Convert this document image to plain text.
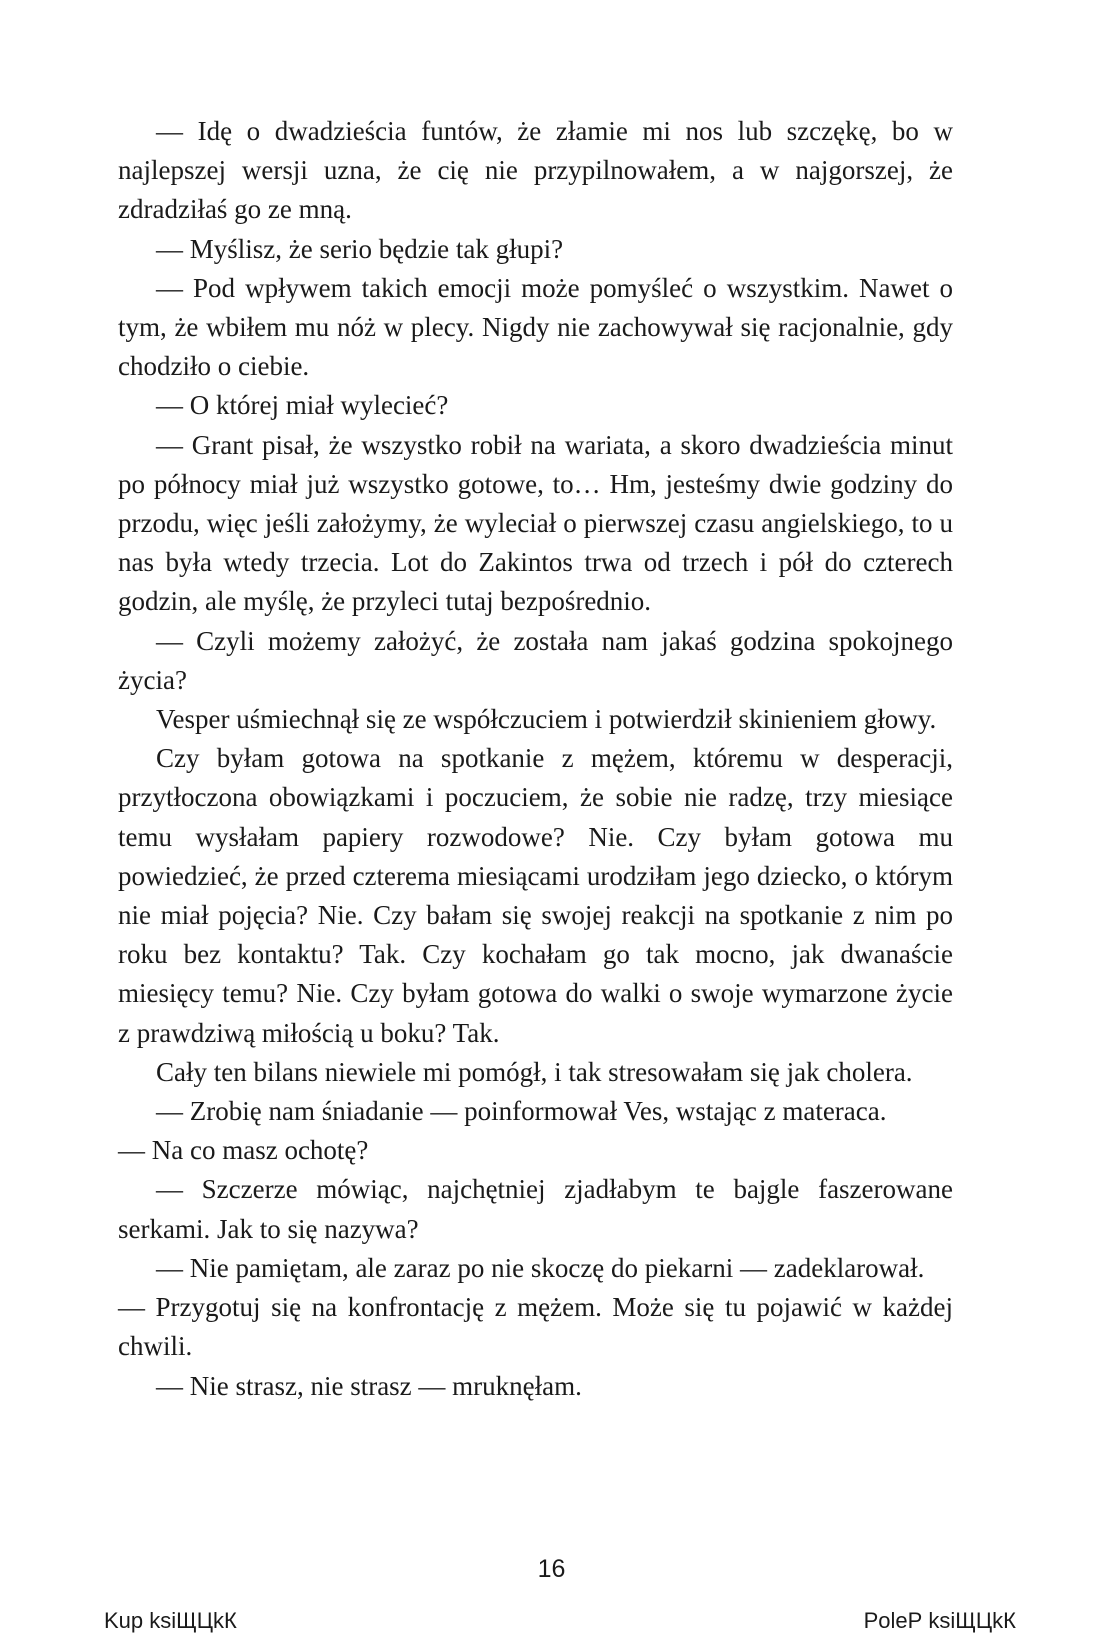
— Idę o dwadzieścia funtów, że złamie mi nos lub szczękę, bo w najlepszej wersji uzna, że cię nie przypilnowałem, a w najgorszej, że zdradziłaś go ze mną.

— Myślisz, że serio będzie tak głupi?

— Pod wpływem takich emocji może pomyśleć o wszystkim. Nawet o tym, że wbiłem mu nóż w plecy. Nigdy nie zachowywał się racjonalnie, gdy chodziło o ciebie.

— O której miał wylecieć?

— Grant pisał, że wszystko robił na wariata, a skoro dwadzieścia minut po północy miał już wszystko gotowe, to… Hm, jesteśmy dwie godziny do przodu, więc jeśli założymy, że wyleciał o pierwszej czasu angielskiego, to u nas była wtedy trzecia. Lot do Zakintos trwa od trzech i pół do czterech godzin, ale myślę, że przyleci tutaj bezpośrednio.

— Czyli możemy założyć, że została nam jakaś godzina spokojnego życia?

Vesper uśmiechnął się ze współczuciem i potwierdził skinieniem głowy.

Czy byłam gotowa na spotkanie z mężem, któremu w desperacji, przytłoczona obowiązkami i poczuciem, że sobie nie radzę, trzy miesiące temu wysłałam papiery rozwodowe? Nie. Czy byłam gotowa mu powiedzieć, że przed czterema miesiącami urodziłam jego dziecko, o którym nie miał pojęcia? Nie. Czy bałam się swojej reakcji na spotkanie z nim po roku bez kontaktu? Tak. Czy kochałam go tak mocno, jak dwanaście miesięcy temu? Nie. Czy byłam gotowa do walki o swoje wymarzone życie z prawdziwą miłością u boku? Tak.

Cały ten bilans niewiele mi pomógł, i tak stresowałam się jak cholera.

— Zrobię nam śniadanie — poinformował Ves, wstając z materaca.

— Na co masz ochotę?

— Szczerze mówiąc, najchętniej zjadłabym te bajgle faszerowane serkami. Jak to się nazywa?

— Nie pamiętam, ale zaraz po nie skoczę do piekarni — zadeklarował.

— Przygotuj się na konfrontację z mężem. Może się tu pojawić w każdej chwili.

— Nie strasz, nie strasz — mruknęłam.

16
Kup ksiЩЦkК	PoleР ksiЩЦkК
